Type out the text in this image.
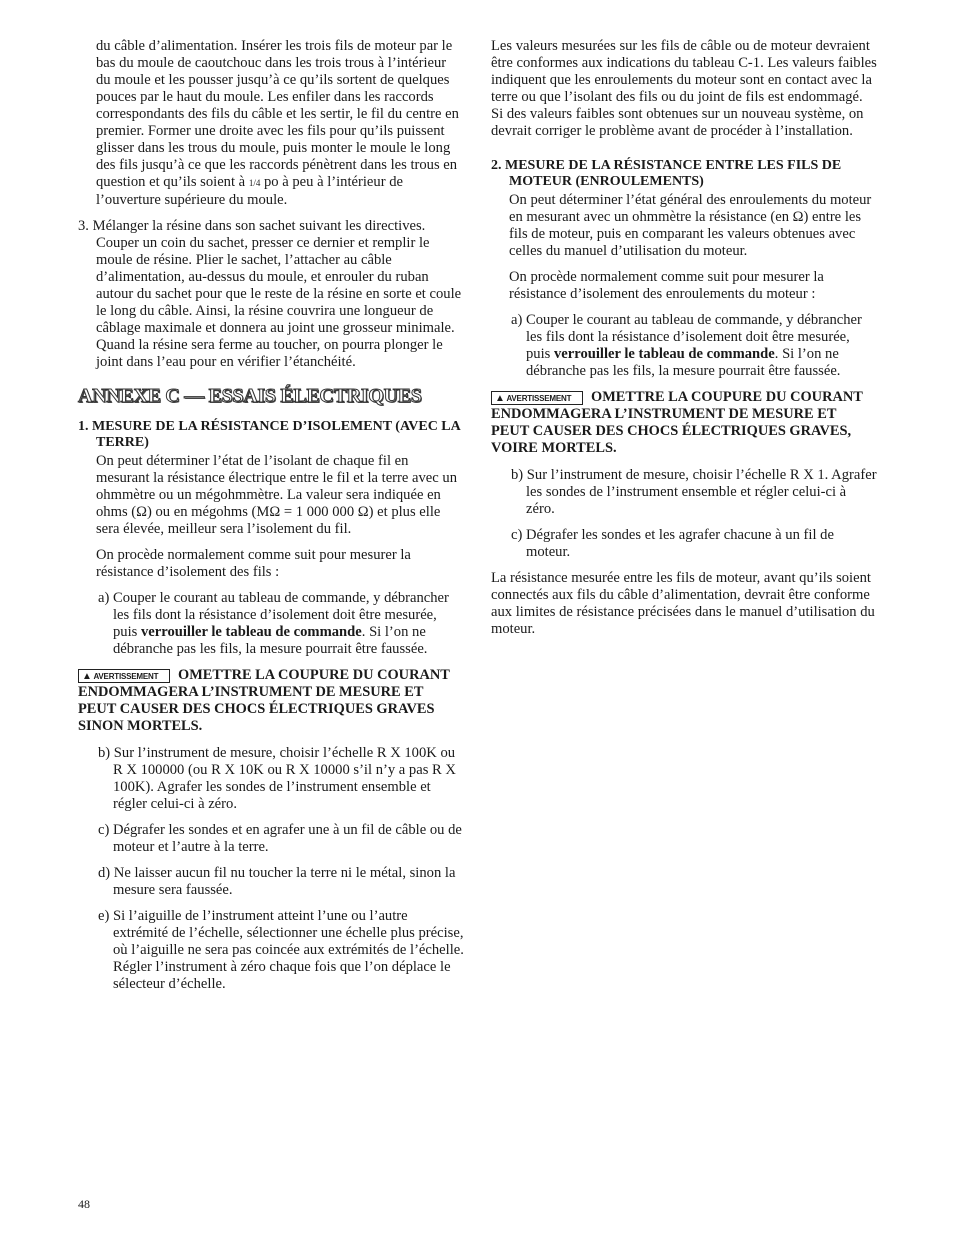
du câble d’alimentation. Insérer les trois fils de moteur par le bas du moule de caoutchouc dans les trois trous à l’intérieur du moule et les pousser jusqu’à ce qu’ils sortent de quelques pouces par le haut du moule. Les enfiler dans les raccords correspondants des fils du câble et les sertir, le fil du centre en premier. Former une droite avec les fils pour qu’ils puissent glisser dans les trous du moule, puis monter le moule le long des fils jusqu’à ce que les raccords pénètrent dans les trous en question et qu’ils soient à 1/4 po à peu à l’intérieur de l’ouverture supérieure du moule.

3. Mélanger la résine dans son sachet suivant les directives. Couper un coin du sachet, presser ce dernier et remplir le moule de résine. Plier le sachet, l’attacher au câble d’alimentation, au-dessus du moule, et enrouler du ruban autour du sachet pour que le reste de la résine en sorte et coule le long du câble. Ainsi, la résine couvrira une longueur de câblage maximale et donnera au joint une grosseur minimale. Quand la résine sera ferme au toucher, on pourra plonger le joint dans l’eau pour en vérifier l’étanchéité.

ANNEXE C — ESSAIS ÉLECTRIQUES

1. MESURE DE LA RÉSISTANCE D’ISOLEMENT (AVEC LA TERRE)

On peut déterminer l’état de l’isolant de chaque fil en mesurant la résistance électrique entre le fil et la terre avec un ohmmètre ou un mégohmmètre. La valeur sera indiquée en ohms (Ω) ou en mégohms (MΩ = 1 000 000 Ω) et plus elle sera élevée, meilleur sera l’isolement du fil.

On procède normalement comme suit pour mesurer la résistance d’isolement des fils :

a) Couper le courant au tableau de commande, y débrancher les fils dont la résistance d’isolement doit être mesurée, puis verrouiller le tableau de commande. Si l’on ne débranche pas les fils, la mesure pourrait être faussée.

▲ AVERTISSEMENT OMETTRE LA COUPURE DU COURANT ENDOMMAGERA L’INSTRUMENT DE MESURE ET PEUT CAUSER DES CHOCS ÉLECTRIQUES GRAVES SINON MORTELS.

b) Sur l’instrument de mesure, choisir l’échelle R X 100K ou R X 100000 (ou R X 10K ou R X 10000 s’il n’y a pas R X 100K). Agrafer les sondes de l’instrument ensemble et régler celui-ci à zéro.

c) Dégrafer les sondes et en agrafer une à un fil de câble ou de moteur et l’autre à la terre.

d) Ne laisser aucun fil nu toucher la terre ni le métal, sinon la mesure sera faussée.

e) Si l’aiguille de l’instrument atteint l’une ou l’autre extrémité de l’échelle, sélectionner une échelle plus précise, où l’aiguille ne sera pas coincée aux extrémités de l’échelle. Régler l’instrument à zéro chaque fois que l’on déplace le sélecteur d’échelle.

Les valeurs mesurées sur les fils de câble ou de moteur devraient être conformes aux indications du tableau C-1. Les valeurs faibles indiquent que les enroulements du moteur sont en contact avec la terre ou que l’isolant des fils ou du joint de fils est endommagé. Si des valeurs faibles sont obtenues sur un nouveau système, on devrait corriger le problème avant de procéder à l’installation.

2. MESURE DE LA RÉSISTANCE ENTRE LES FILS DE MOTEUR (ENROULEMENTS)

On peut déterminer l’état général des enroulements du moteur en mesurant avec un ohmmètre la résistance (en Ω) entre les fils de moteur, puis en comparant les valeurs obtenues avec celles du manuel d’utilisation du moteur.

On procède normalement comme suit pour mesurer la résistance d’isolement des enroulements du moteur :

a) Couper le courant au tableau de commande, y débrancher les fils dont la résistance d’isolement doit être mesurée, puis verrouiller le tableau de commande. Si l’on ne débranche pas les fils, la mesure pourrait être faussée.

▲ AVERTISSEMENT OMETTRE LA COUPURE DU COURANT ENDOMMAGERA L’INSTRUMENT DE MESURE ET PEUT CAUSER DES CHOCS ÉLECTRIQUES GRAVES, VOIRE MORTELS.

b) Sur l’instrument de mesure, choisir l’échelle R X 1. Agrafer les sondes de l’instrument ensemble et régler celui-ci à zéro.

c) Dégrafer les sondes et les agrafer chacune à un fil de moteur.

La résistance mesurée entre les fils de moteur, avant qu’ils soient connectés aux fils du câble d’alimentation, devrait être conforme aux limites de résistance précisées dans le manuel d’utilisation du moteur.

48
